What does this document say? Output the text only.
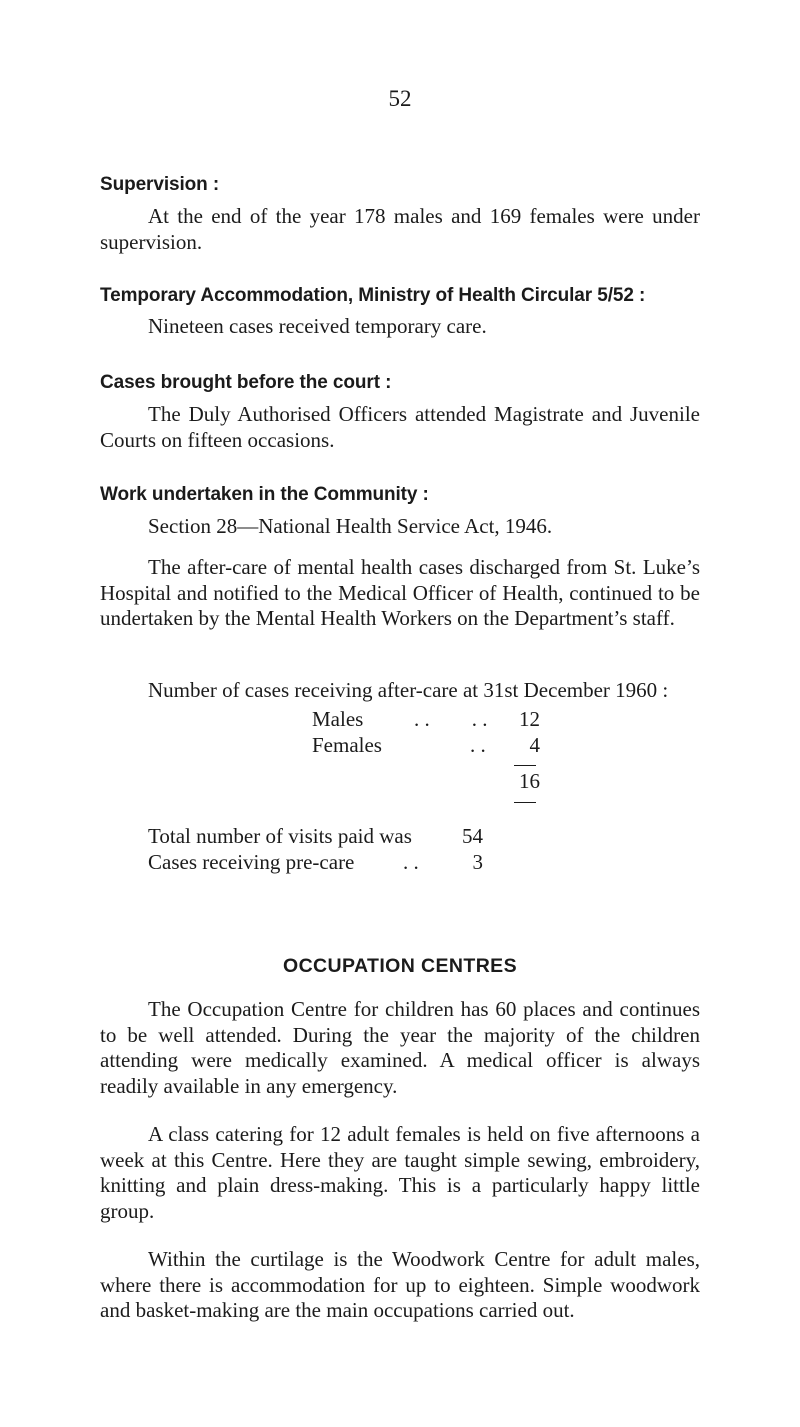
52
Supervision :
At the end of the year 178 males and 169 females were under supervision.
Temporary Accommodation, Ministry of Health Circular 5/52 :
Nineteen cases received temporary care.
Cases brought before the court :
The Duly Authorised Officers attended Magistrate and Juvenile Courts on fifteen occasions.
Work undertaken in the Community :
Section 28—National Health Service Act, 1946.
The after-care of mental health cases discharged from St. Luke’s Hospital and notified to the Medical Officer of Health, continued to be undertaken by the Mental Health Workers on the Department’s staff.
Number of cases receiving after-care at 31st December 1960 :
Males . .  . .	12
Females	. .	4
16
Total number of visits paid was	54
Cases receiving pre-care . .	3
OCCUPATION CENTRES
The Occupation Centre for children has 60 places and continues to be well attended. During the year the majority of the children attending were medically examined. A medical officer is always readily available in any emergency.
A class catering for 12 adult females is held on five afternoons a week at this Centre. Here they are taught simple sewing, embroidery, knitting and plain dress-making. This is a particularly happy little group.
Within the curtilage is the Woodwork Centre for adult males, where there is accommodation for up to eighteen. Simple woodwork and basket-making are the main occupations carried out.
